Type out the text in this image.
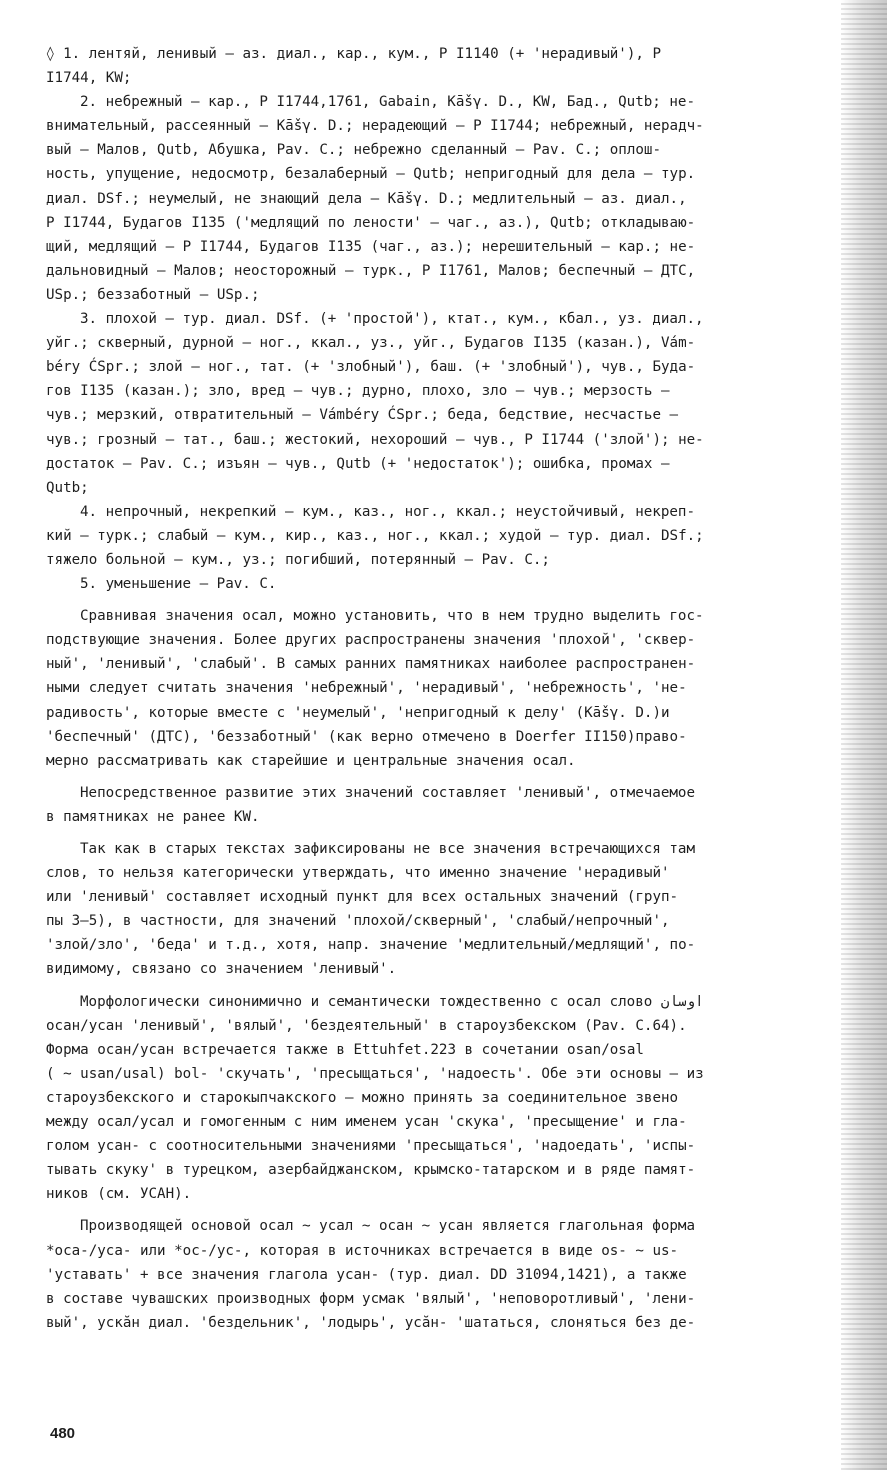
◊ 1. лентяй, ленивый – аз. диал., кар., кум., Р I1140 (+ 'нерадивый'), Р
I1744, KW;
2. небрежный – кар., Р I1744,1761, Gabain, Kāšγ. D., KW, Бад., Qutb; не-
внимательный, рассеянный – Kāšγ. D.; нерадеющий – Р I1744; небрежный, нерадч-
вый – Малов, Qutb, Абушка, Pav. C.; небрежно сделанный – Pav. C.; оплош-
ность, упущение, недосмотр, безалаберный – Qutb; непригодный для дела – тур.
диал. DSf.; неумелый, не знающий дела – Kāšγ. D.; медлительный – аз. диал.,
Р I1744, Будагов I135 ('медлящий по лености' – чаг., аз.), Qutb; откладываю-
щий, медлящий – Р I1744, Будагов I135 (чаг., аз.); нерешительный – кар.; не-
дальновидный – Малов; неосторожный – турк., Р I1761, Малов; беспечный – ДТС,
USp.; беззаботный – USp.;
3. плохой – тур. диал. DSf. (+ 'простой'), ктат., кум., кбал., уз. диал.,
уйг.; скверный, дурной – ног., ккал., уз., уйг., Будагов I135 (казан.), Vám-
béry ĆSpr.; злой – ног., тат. (+ 'злобный'), баш. (+ 'злобный'), чув., Буда-
гов I135 (казан.); зло, вред – чув.; дурно, плохо, зло – чув.; мерзость –
чув.; мерзкий, отвратительный – Vámbéry ĆSpr.; беда, бедствие, несчастье –
чув.; грозный – тат., баш.; жестокий, нехороший – чув., Р I1744 ('злой'); не-
достаток – Pav. C.; изъян – чув., Qutb (+ 'недостаток'); ошибка, промах –
Qutb;
4. непрочный, некрепкий – кум., каз., ног., ккал.; неустойчивый, некреп-
кий – турк.; слабый – кум., кир., каз., ног., ккал.; худой – тур. диал. DSf.;
тяжело больной – кум., уз.; погибший, потерянный – Pav. C.;
5. уменьшение – Pav. C.
Сравнивая значения осал, можно установить, что в нем трудно выделить гос-
подствующие значения. Более других распространены значения 'плохой', 'сквер-
ный', 'ленивый', 'слабый'. В самых ранних памятниках наиболее распространен-
ными следует считать значения 'небрежный', 'нерадивый', 'небрежность', 'не-
радивость', которые вместе с 'неумелый', 'непригодный к делу' (Kāšγ. D.)и
'беспечный' (ДТС), 'беззаботный' (как верно отмечено в Doerfer II150)правο-
мерно рассматривать как старейшие и центральные значения осал.
Непосредственное развитие этих значений составляет 'ленивый', отмечаемое
в памятниках не ранее KW.
Так как в старых текстах зафиксированы не все значения встречающихся там
слов, то нельзя категорически утверждать, что именно значение 'нерадивый'
или 'ленивый' составляет исходный пункт для всех остальных значений (груп-
пы 3–5), в частности, для значений 'плохой/скверный', 'слабый/непрочный',
'злой/зло', 'беда' и т.д., хотя, напр. значение 'медлительный/медлящий', по-
видимому, связано со значением 'ленивый'.
Морфологически синонимично и семантически тождественно с осал слово اوسان
осан/усан 'ленивый', 'вялый', 'бездеятельный' в староузбекском (Pav. C.64).
Форма осан/усан встречается также в Ettuhfet.223 в сочетании osan/osal
( ~ usan/usal) bol- 'скучать', 'пресыщаться', 'надоесть'. Обе эти основы – из
староузбекского и старокыпчакского – можно принять за соединительное звено
между осал/усал и гомогенным с ним именем усан 'скука', 'пресыщение' и гла-
голом усан- с соотносительными значениями 'пресыщаться', 'надоедать', 'испы-
тывать скуку' в турецком, азербайджанском, крымско-татарском и в ряде памят-
ников (см. УСАН).
Производящей основой осал ~ усал ~ осан ~ усан является глагольная форма
*оса-/уса- или *ос-/ус-, которая в источниках встречается в виде os- ~ us-
'уставать' + все значения глагола усан- (тур. диал. DD 31094,1421), а также
в составе чувашских производных форм усмак 'вялый', 'неповоротливый', 'лени-
вый', ускăн диал. 'бездельник', 'лодырь', усăн- 'шататься, слоняться без де-
480
